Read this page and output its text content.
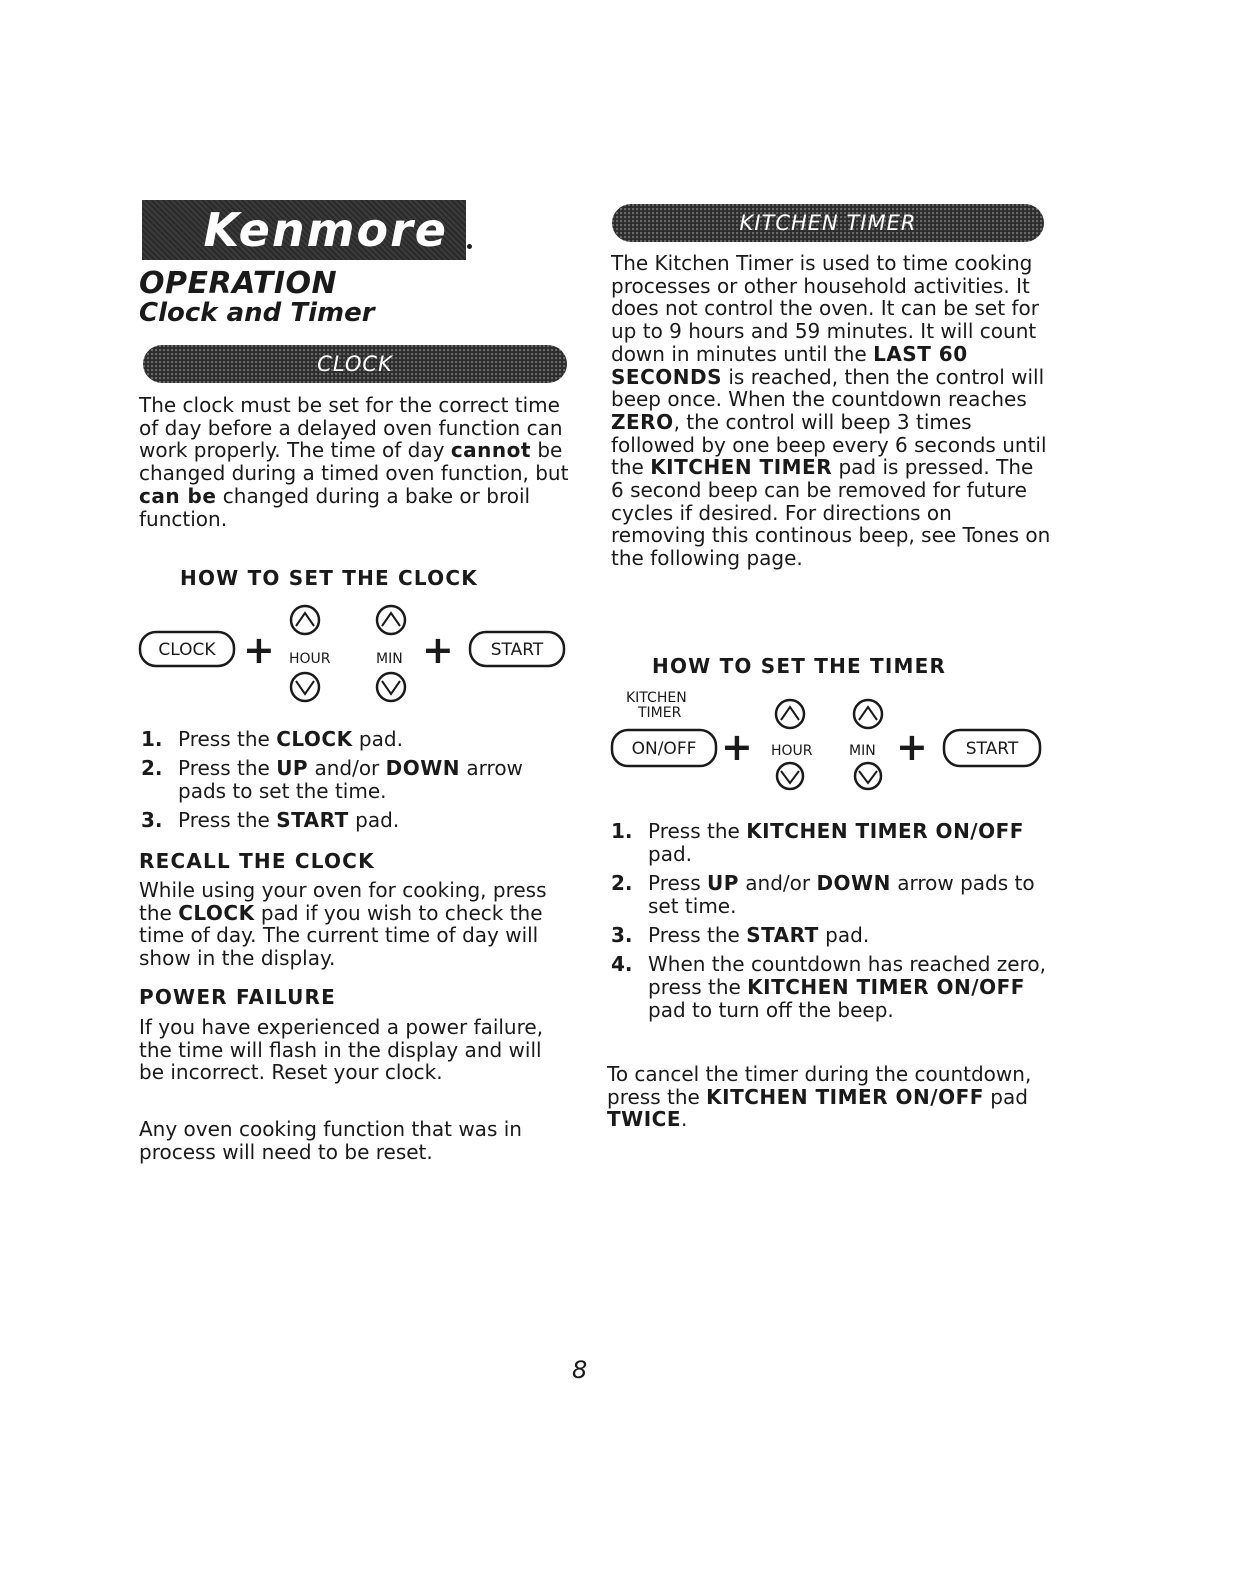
Kenmore
OPERATION
Clock and Timer
CLOCK
The clock must be set for the correct time of day before a delayed oven function can work properly. The time of day cannot be changed during a timed oven function, but can be changed during a bake or broil function.
HOW TO SET THE CLOCK
CLOCK + HOUR	MIN + START
1. Press the CLOCK pad.
2. Press the UP and/or DOWN arrow pads to set the time.
3. Press the START pad.
RECALL THE CLOCK
While using your oven for cooking, press the CLOCK pad if you wish to check the time of day. The current time of day will show in the display.
POWER FAILURE
If you have experienced a power failure, the time will flash in the display and will be incorrect. Reset your clock.
Any oven cooking function that was in process will need to be reset.
KITCHEN TIMER
The Kitchen Timer is used to time cooking processes or other household activities. It does not control the oven. It can be set for up to 9 hours and 59 minutes. It will count down in minutes until the LAST 60 SECONDS is reached, then the control will beep once. When the countdown reaches ZERO, the control will beep 3 times followed by one beep every 6 seconds until the KITCHEN TIMER pad is pressed. The 6 second beep can be removed for future cycles if desired. For directions on removing this continous beep, see Tones on the following page.
HOW TO SET THE TIMER
KITCHEN
TIMER
ON/OFF + HOUR	MIN + START
1. Press the KITCHEN TIMER ON/OFF pad.
2. Press UP and/or DOWN arrow pads to set time.
3. Press the START pad.
4. When the countdown has reached zero, press the KITCHEN TIMER ON/OFF pad to turn off the beep.
To cancel the timer during the countdown, press the KITCHEN TIMER ON/OFF pad TWICE.
8
